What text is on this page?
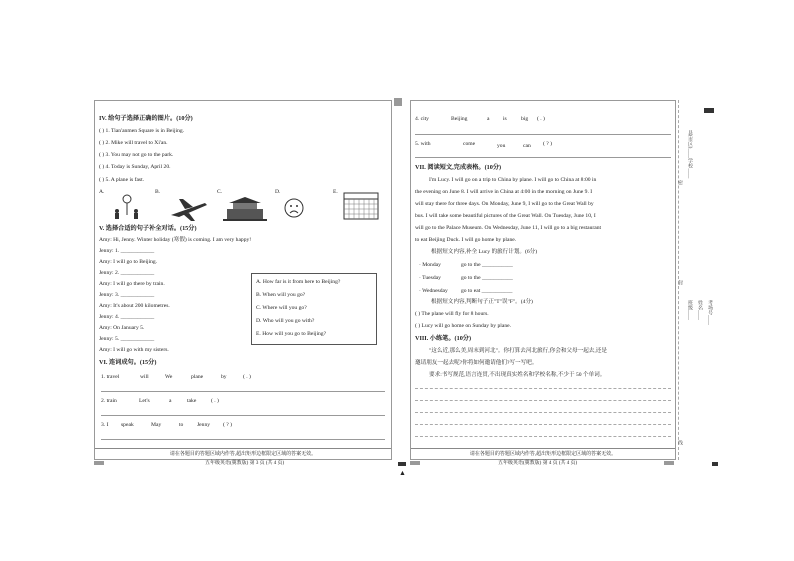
IV. 给句子选择正确的图片。(10分)
( ) 1. Tian'anmen Square is in Beijing.
( ) 2. Mike will travel to Xi'an.
( ) 3. You may not go to the park.
( ) 4. Today is Sunday, April 20.
( ) 5. A plane is fast.
A.	B.	C.	D.	E.
V. 选择合适的句子补全对话。(15分)
Amy: Hi, Jenny. Winter holiday (寒假) is coming. I am very happy!
Jenny: 1. ____________
Amy: I will go to Beijing.
Jenny: 2. ____________
Amy: I will go there by train.
Jenny: 3. ____________
Amy: It's about 200 kilometres.
Jenny: 4. ____________
Amy: On January 5.
Jenny: 5. ____________
Amy: I will go with my sisters.
A. How far is it from here to Beijing?
B. When will you go?
C. Where will you go?
D. Who will you go with?
E. How will you go to Beijing?
VI. 连词成句。(15分)
1. travel	will	We	plane	by	( . )
2. train	Let's	a	take	( . )
3. I speak	May	to Jenny ( ? )
请在各题目的答题区域内作答,超出矩形边框限定区域的答案无效。
五年级英语(冀教版) 第 3 页 (共 4 页)
▲
4. city	Beijing	a is	big ( . )
5. with	come	you	can ( ? )
VII. 阅读短文,完成表格。(10分)
I'm Lucy. I will go on a trip to China by plane. I will go to China at 8:00 in
the evening on June 8. I will arrive in China at 4:00 in the morning on June 9. I
will stay there for three days. On Monday, June 9, I will go to the Great Wall by
bus. I will take some beautiful pictures of the Great Wall. On Tuesday, June 10, I
will go to the Palace Museum. On Wednesday, June 11, I will go to a big restaurant
to eat Beijing Duck. I will go home by plane.
根据短文内容,补全 Lucy 的旅行计划。(6分)
· Monday	go to the ___________
· Tuesday	go to the ___________
· Wednesday go to eat ___________
根据短文内容,判断句子正"T"误"F"。(4分)
( ) The plane will fly for 8 hours.
( ) Lucy will go home on Sunday by plane.
VIII. 小练笔。(10分)
"这么近,那么美,周末到河北"。你打算去河北旅行,你会和父母一起去,还是
邀请朋友一起去呢?你将如何邀请他们?写一写吧。
要求:书写规范,语言连贯,不出现真实姓名和学校名称,不少于 50 个单词。
请在各题目的答题区域内作答,超出矩形边框限定区域的答案无效。
五年级英语(冀教版) 第 4 页 (共 4 页)
密
封
线
县(市区)____学校____
班级____ 姓名____ 考场号____
